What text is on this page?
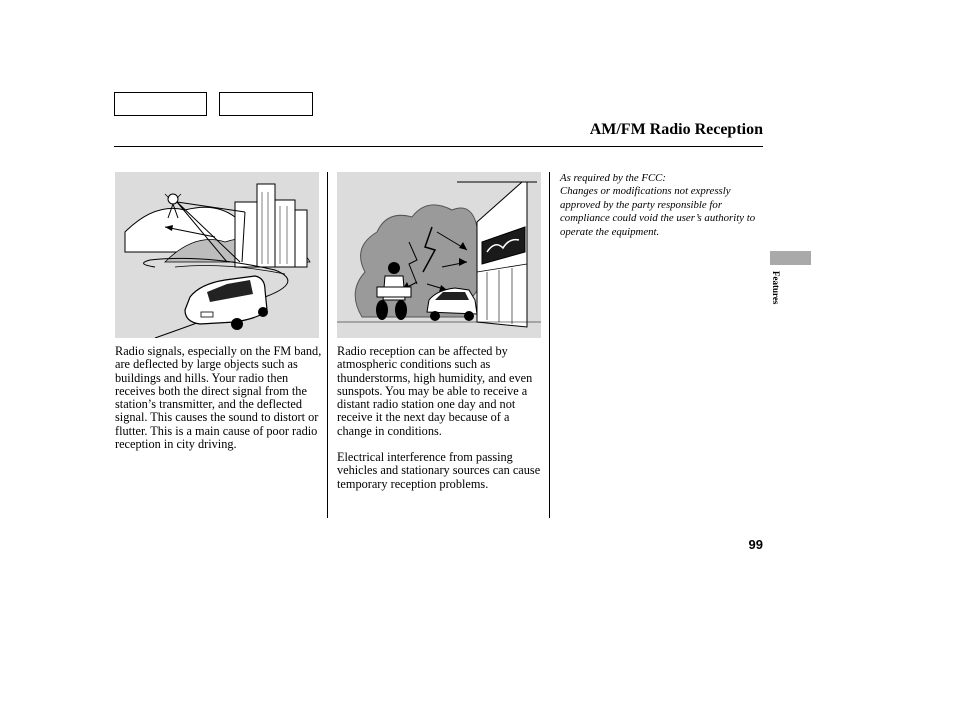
AM/FM Radio Reception

Radio signals, especially on the FM band, are deflected by large objects such as buildings and hills. Your radio then receives both the direct signal from the station’s transmitter, and the deflected signal. This causes the sound to distort or flutter. This is a main cause of poor radio reception in city driving.

Radio reception can be affected by atmospheric conditions such as thunderstorms, high humidity, and even sunspots. You may be able to receive a distant radio station one day and not receive it the next day because of a change in conditions.

Electrical interference from passing vehicles and stationary sources can cause temporary reception problems.

As required by the FCC:

Changes or modifications not expressly approved by the party responsible for compliance could void the user’s authority to operate the equipment.

Features
99
